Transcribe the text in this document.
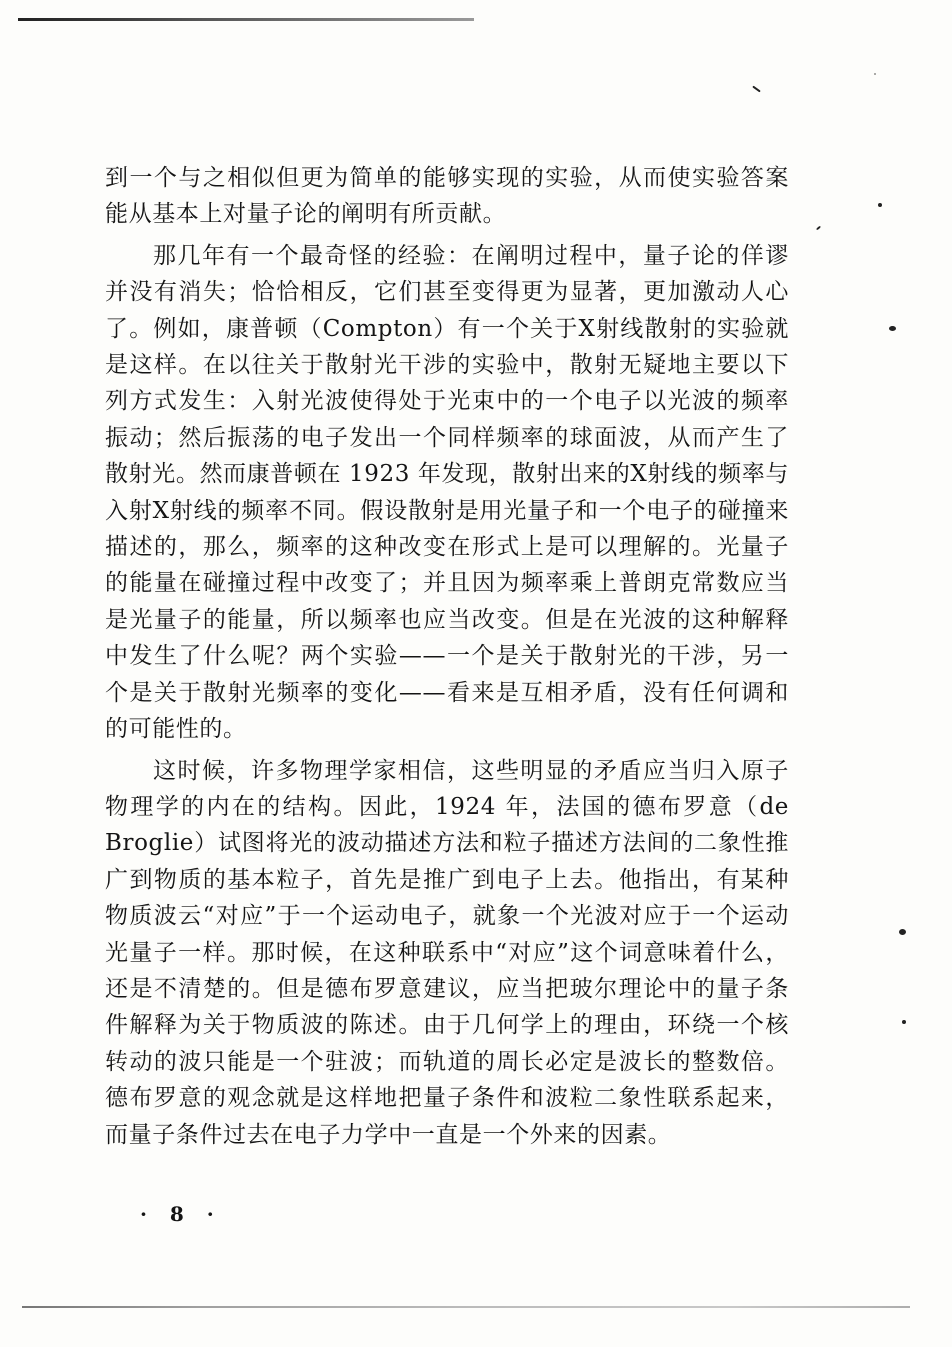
到一个与之相似但更为简单的能够实现的实验，从而使实验答案能从基本上对量子论的阐明有所贡献。

那几年有一个最奇怪的经验：在阐明过程中，量子论的佯谬并没有消失；恰恰相反，它们甚至变得更为显著，更加激动人心了。例如，康普顿（Compton）有一个关于X射线散射的实验就是这样。在以往关于散射光干涉的实验中，散射无疑地主要以下列方式发生：入射光波使得处于光束中的一个电子以光波的频率振动；然后振荡的电子发出一个同样频率的球面波，从而产生了散射光。然而康普顿在 1923 年发现，散射出来的X射线的频率与入射X射线的频率不同。假设散射是用光量子和一个电子的碰撞来描述的，那么，频率的这种改变在形式上是可以理解的。光量子的能量在碰撞过程中改变了；并且因为频率乘上普朗克常数应当是光量子的能量，所以频率也应当改变。但是在光波的这种解释中发生了什么呢？两个实验——一个是关于散射光的干涉，另一个是关于散射光频率的变化——看来是互相矛盾，没有任何调和的可能性的。

这时候，许多物理学家相信，这些明显的矛盾应当归入原子物理学的内在的结构。因此，1924 年，法国的德布罗意（de Broglie）试图将光的波动描述方法和粒子描述方法间的二象性推广到物质的基本粒子，首先是推广到电子上去。他指出，有某种物质波云“对应”于一个运动电子，就象一个光波对应于一个运动光量子一样。那时候，在这种联系中“对应”这个词意味着什么，还是不清楚的。但是德布罗意建议，应当把玻尔理论中的量子条件解释为关于物质波的陈述。由于几何学上的理由，环绕一个核转动的波只能是一个驻波；而轨道的周长必定是波长的整数倍。德布罗意的观念就是这样地把量子条件和波粒二象性联系起来，而量子条件过去在电子力学中一直是一个外来的因素。

· 8 ·
